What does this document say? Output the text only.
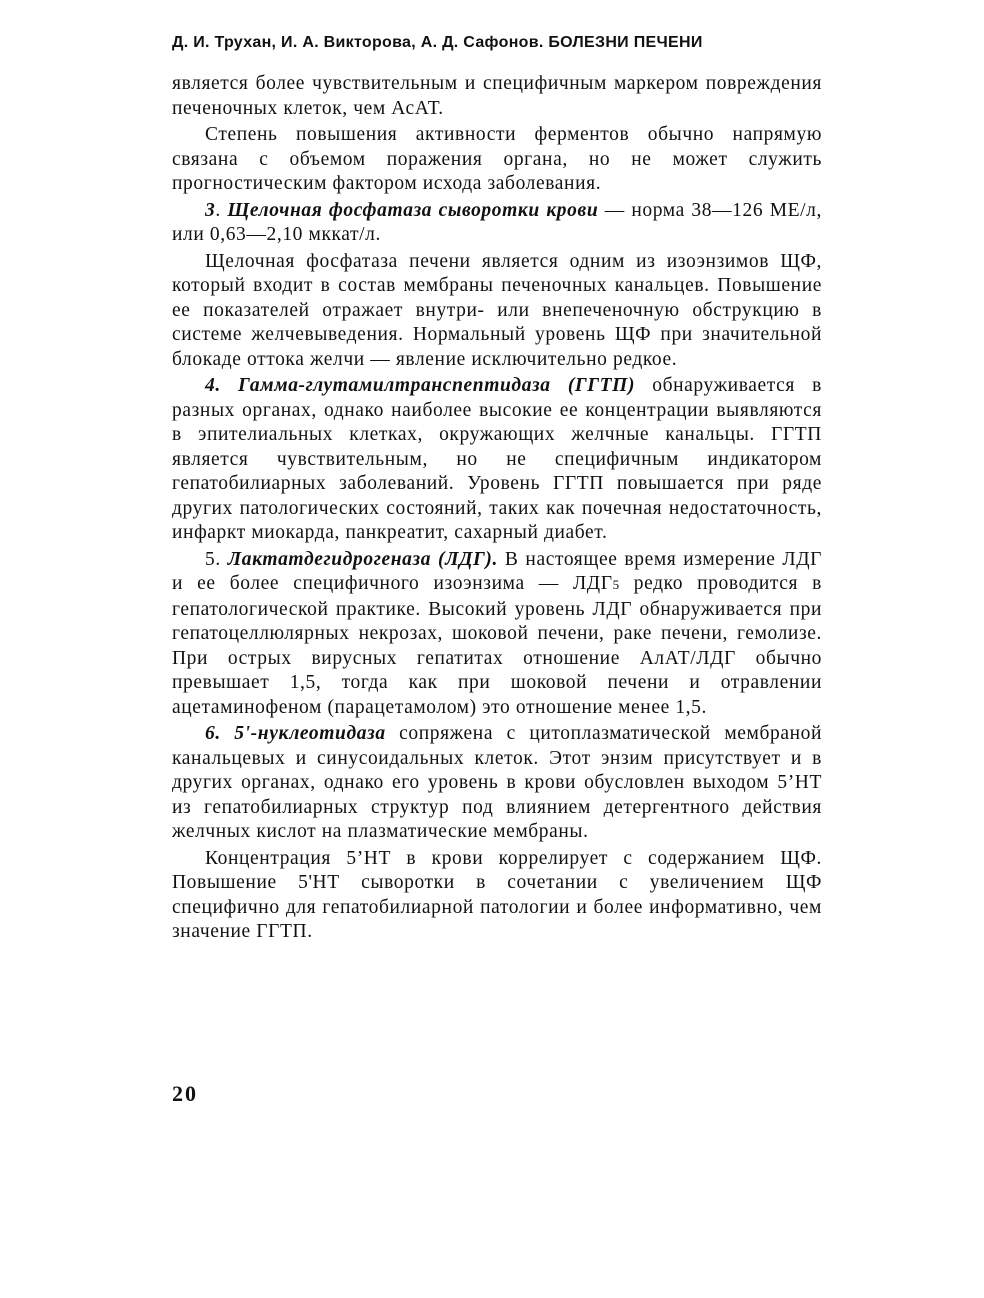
Д. И. Трухан, И. А. Викторова, А. Д. Сафонов. БОЛЕЗНИ ПЕЧЕНИ

является более чувствительным и специфичным маркером повреждения печеночных клеток, чем АсАТ.

Степень повышения активности ферментов обычно напрямую связана с объемом поражения органа, но не может служить прогностическим фактором исхода заболевания.

3. Щелочная фосфатаза сыворотки крови — норма 38—126 МЕ/л, или 0,63—2,10 мккат/л.

Щелочная фосфатаза печени является одним из изоэнзимов ЩФ, который входит в состав мембраны печеночных канальцев. Повышение ее показателей отражает внутри- или внепеченочную обструкцию в системе желчевыведения. Нормальный уровень ЩФ при значительной блокаде оттока желчи — явление исключительно редкое.

4. Гамма-глутамилтранспептидаза (ГГТП) обнаруживается в разных органах, однако наиболее высокие ее концентрации выявляются в эпителиальных клетках, окружающих желчные канальцы. ГГТП является чувствительным, но не специфичным индикатором гепатобилиарных заболеваний. Уровень ГГТП повышается при ряде других патологических состояний, таких как почечная недостаточность, инфаркт миокарда, панкреатит, сахарный диабет.

5. Лактатдегидрогеназа (ЛДГ). В настоящее время измерение ЛДГ и ее более специфичного изоэнзима — ЛДГ5 редко проводится в гепатологической практике. Высокий уровень ЛДГ обнаруживается при гепатоцеллюлярных некрозах, шоковой печени, раке печени, гемолизе. При острых вирусных гепатитах отношение АлАТ/ЛДГ обычно превышает 1,5, тогда как при шоковой печени и отравлении ацетаминофеном (парацетамолом) это отношение менее 1,5.

6. 5'-нуклеотидаза сопряжена с цитоплазматической мембраной канальцевых и синусоидальных клеток. Этот энзим присутствует и в других органах, однако его уровень в крови обусловлен выходом 5’НТ из гепатобилиарных структур под влиянием детергентного действия желчных кислот на плазматические мембраны.

Концентрация 5’НТ в крови коррелирует с содержанием ЩФ. Повышение 5'НТ сыворотки в сочетании с увеличением ЩФ специфично для гепатобилиарной патологии и более информативно, чем значение ГГТП.

20
